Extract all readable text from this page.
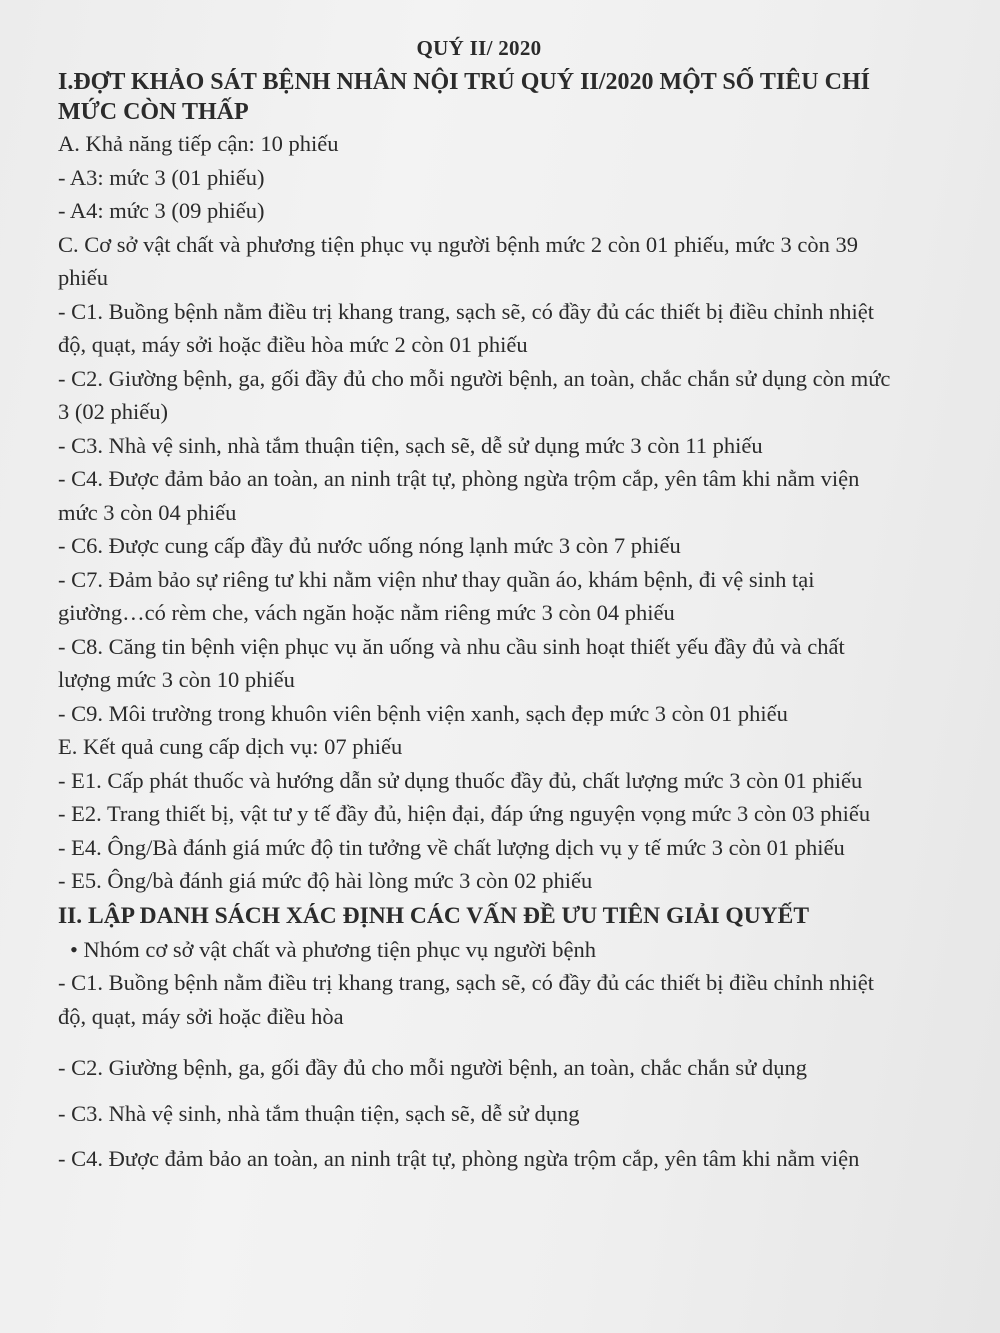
QUÝ II/ 2020
I.ĐỢT KHẢO SÁT BỆNH NHÂN NỘI TRÚ QUÝ II/2020 MỘT SỐ TIÊU CHÍ MỨC CÒN THẤP
A. Khả năng tiếp cận: 10 phiếu
- A3: mức 3 (01 phiếu)
- A4: mức 3 (09 phiếu)
C. Cơ sở vật chất và phương tiện phục vụ người bệnh mức 2 còn 01 phiếu, mức 3 còn 39 phiếu
- C1. Buồng bệnh nằm điều trị khang trang, sạch sẽ, có đầy đủ các thiết bị điều chỉnh nhiệt độ, quạt, máy sởi hoặc điều hòa mức 2 còn 01 phiếu
- C2. Giường bệnh, ga, gối đầy đủ cho mỗi người bệnh, an toàn, chắc chắn sử dụng còn mức 3 (02 phiếu)
- C3. Nhà vệ sinh, nhà tắm thuận tiện, sạch sẽ, dễ sử dụng mức 3 còn 11 phiếu
- C4. Được đảm bảo an toàn, an ninh trật tự, phòng ngừa trộm cắp, yên tâm khi nằm viện mức 3 còn 04 phiếu
- C6. Được cung cấp đầy đủ nước uống nóng lạnh mức 3 còn 7 phiếu
- C7. Đảm bảo sự riêng tư khi nằm viện như thay quần áo, khám bệnh, đi vệ sinh tại giường…có rèm che, vách ngăn hoặc nằm riêng mức 3 còn 04 phiếu
- C8. Căng tin bệnh viện phục vụ ăn uống và nhu cầu sinh hoạt thiết yếu đầy đủ và chất lượng mức 3 còn 10 phiếu
- C9. Môi trường trong khuôn viên bệnh viện xanh, sạch đẹp mức 3 còn 01 phiếu
E. Kết quả cung cấp dịch vụ: 07 phiếu
- E1. Cấp phát thuốc và hướng dẫn sử dụng thuốc đầy đủ, chất lượng mức 3 còn 01 phiếu
- E2. Trang thiết bị, vật tư y tế đầy đủ, hiện đại, đáp ứng nguyện vọng mức 3 còn 03 phiếu
- E4. Ông/Bà đánh giá mức độ tin tưởng về chất lượng dịch vụ y tế mức 3 còn 01 phiếu
- E5. Ông/bà đánh giá mức độ hài lòng mức 3 còn 02 phiếu
II. LẬP DANH SÁCH XÁC ĐỊNH CÁC VẤN ĐỀ ƯU TIÊN GIẢI QUYẾT
• Nhóm cơ sở vật chất và phương tiện phục vụ người bệnh
- C1. Buồng bệnh nằm điều trị khang trang, sạch sẽ, có đầy đủ các thiết bị điều chỉnh nhiệt độ, quạt, máy sởi hoặc điều hòa
- C2. Giường bệnh, ga, gối đầy đủ cho mỗi người bệnh, an toàn, chắc chắn sử dụng
- C3. Nhà vệ sinh, nhà tắm thuận tiện, sạch sẽ, dễ sử dụng
- C4. Được đảm bảo an toàn, an ninh trật tự, phòng ngừa trộm cắp, yên tâm khi nằm viện
